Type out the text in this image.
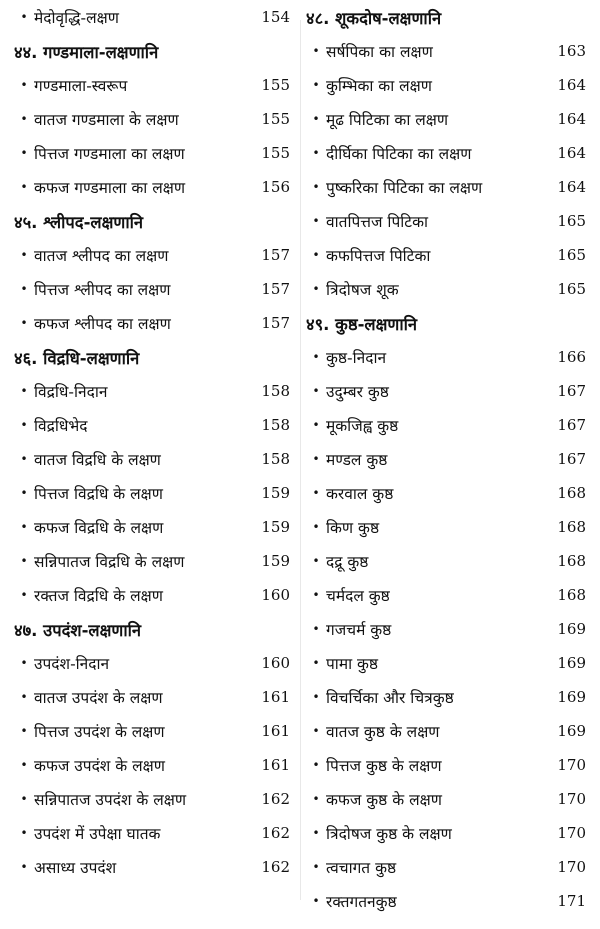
• मेदोवृद्धि-लक्षण	154
४४. गण्डमाला-लक्षणानि
• गण्डमाला-स्वरूप	155
• वातज गण्डमाला के लक्षण	155
• पित्तज गण्डमाला का लक्षण	155
• कफज गण्डमाला का लक्षण	156
४५. श्लीपद-लक्षणानि
• वातज श्लीपद का लक्षण	157
• पित्तज श्लीपद का लक्षण	157
• कफज श्लीपद का लक्षण	157
४६. विद्रधि-लक्षणानि
• विद्रधि-निदान	158
• विद्रधिभेद	158
• वातज विद्रधि के लक्षण	158
• पित्तज विद्रधि के लक्षण	159
• कफज विद्रधि के लक्षण	159
• सन्निपातज विद्रधि के लक्षण	159
• रक्तज विद्रधि के लक्षण	160
४७. उपदंश-लक्षणानि
• उपदंश-निदान	160
• वातज उपदंश के लक्षण	161
• पित्तज उपदंश के लक्षण	161
• कफज उपदंश के लक्षण	161
• सन्निपातज उपदंश के लक्षण	162
• उपदंश में उपेक्षा घातक	162
• असाध्य उपदंश	162
४८. शूकदोष-लक्षणानि
• सर्षपिका का लक्षण	163
• कुम्भिका का लक्षण	164
• मूढ पिटिका का लक्षण	164
• दीर्घिका पिटिका का लक्षण	164
• पुष्करिका पिटिका का लक्षण	164
• वातपित्तज पिटिका	165
• कफपित्तज पिटिका	165
• त्रिदोषज शूक	165
४९. कुष्ठ-लक्षणानि
• कुष्ठ-निदान	166
• उदुम्बर कुष्ठ	167
• मूकजिह्व कुष्ठ	167
• मण्डल कुष्ठ	167
• करवाल कुष्ठ	168
• किण कुष्ठ	168
• दद्रू कुष्ठ	168
• चर्मदल कुष्ठ	168
• गजचर्म कुष्ठ	169
• पामा कुष्ठ	169
• विचर्चिका और चित्रकुष्ठ	169
• वातज कुष्ठ के लक्षण	169
• पित्तज कुष्ठ के लक्षण	170
• कफज कुष्ठ के लक्षण	170
• त्रिदोषज कुष्ठ के लक्षण	170
• त्वचागत कुष्ठ	170
• रक्तगतनकुष्ठ	171
